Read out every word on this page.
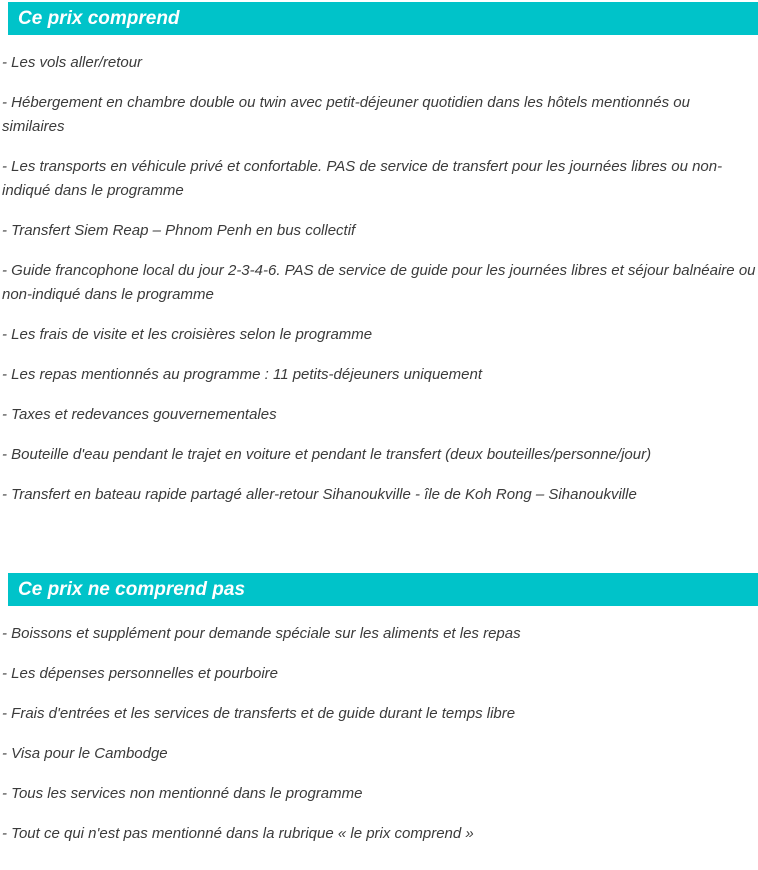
Ce prix comprend

- Les vols aller/retour

- Hébergement en chambre double ou twin avec petit-déjeuner quotidien dans les hôtels mentionnés ou similaires

- Les transports en véhicule privé et confortable. PAS de service de transfert pour les journées libres ou non-indiqué dans le programme

- Transfert Siem Reap – Phnom Penh en bus collectif

- Guide francophone local du jour 2-3-4-6. PAS de service de guide pour les journées libres et séjour balnéaire ou non-indiqué dans le programme

- Les frais de visite et les croisières selon le programme

- Les repas mentionnés au programme : 11 petits-déjeuners uniquement

- Taxes et redevances gouvernementales

- Bouteille d'eau pendant le trajet en voiture et pendant le transfert (deux bouteilles/personne/jour)

- Transfert en bateau rapide partagé aller-retour Sihanoukville - île de Koh Rong – Sihanoukville

Ce prix ne comprend pas

- Boissons et supplément pour demande spéciale sur les aliments et les repas

- Les dépenses personnelles et pourboire

- Frais d'entrées et les services de transferts et de guide durant le temps libre

- Visa pour le Cambodge

- Tous les services non mentionné dans le programme

- Tout ce qui n'est pas mentionné dans la rubrique « le prix comprend »
